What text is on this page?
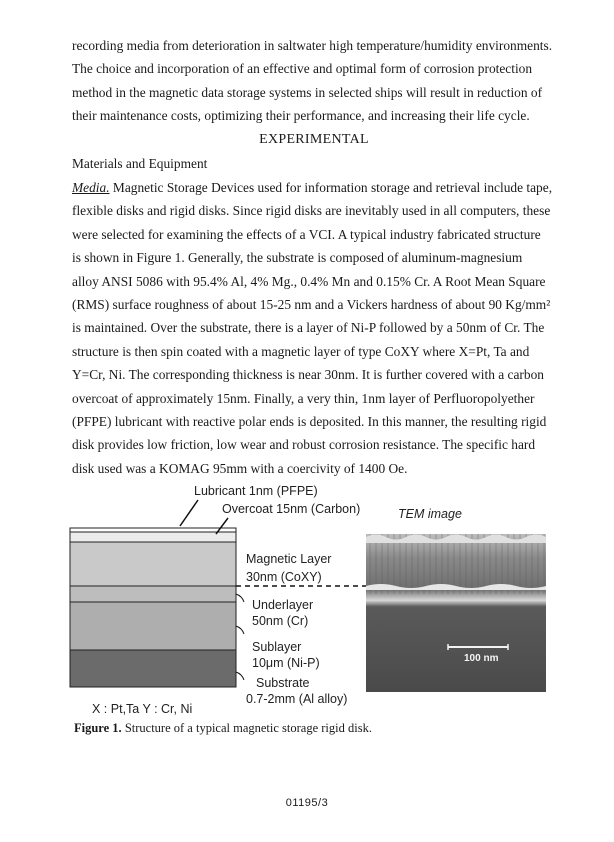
recording media from deterioration in saltwater high temperature/humidity environments.

The choice and incorporation of an effective and optimal form of corrosion protection

method in the magnetic data storage systems in selected ships will result in reduction of

their maintenance costs, optimizing their performance, and increasing their life cycle.

EXPERIMENTAL
Materials and Equipment

Media. Magnetic Storage Devices used for information storage and retrieval include tape,

flexible disks and rigid disks. Since rigid disks are inevitably used in all computers, these

were selected for examining the effects of a VCI. A typical industry fabricated structure

is shown in Figure 1. Generally, the substrate is composed of aluminum-magnesium

alloy ANSI 5086 with 95.4% Al, 4% Mg., 0.4% Mn and 0.15% Cr. A Root Mean Square

(RMS) surface roughness of about 15-25 nm and a Vickers hardness of about 90 Kg/mm²

is maintained. Over the substrate, there is a layer of Ni-P followed by a 50nm of Cr. The

structure is then spin coated with a magnetic layer of type CoXY where X=Pt, Ta and

Y=Cr, Ni. The corresponding thickness is near 30nm. It is further covered with a carbon

overcoat of approximately 15nm. Finally, a very thin, 1nm layer of Perfluoropolyether

(PFPE) lubricant with reactive polar ends is deposited. In this manner, the resulting rigid

disk provides low friction, low wear and robust corrosion resistance. The specific hard

disk used was a KOMAG 95mm with a coercivity of 1400 Oe.

Lubricant 1nm (PFPE)
Overcoat 15nm (Carbon)	TEM image
Magnetic Layer
30nm (CoXY)
Underlayer
50nm (Cr)
Sublayer
10μm (Ni-P)
Substrate
0.7-2mm (Al alloy)
X : Pt,Ta Y : Cr, Ni
100 nm
Figure 1. Structure of a typical magnetic storage rigid disk.
01195/3
